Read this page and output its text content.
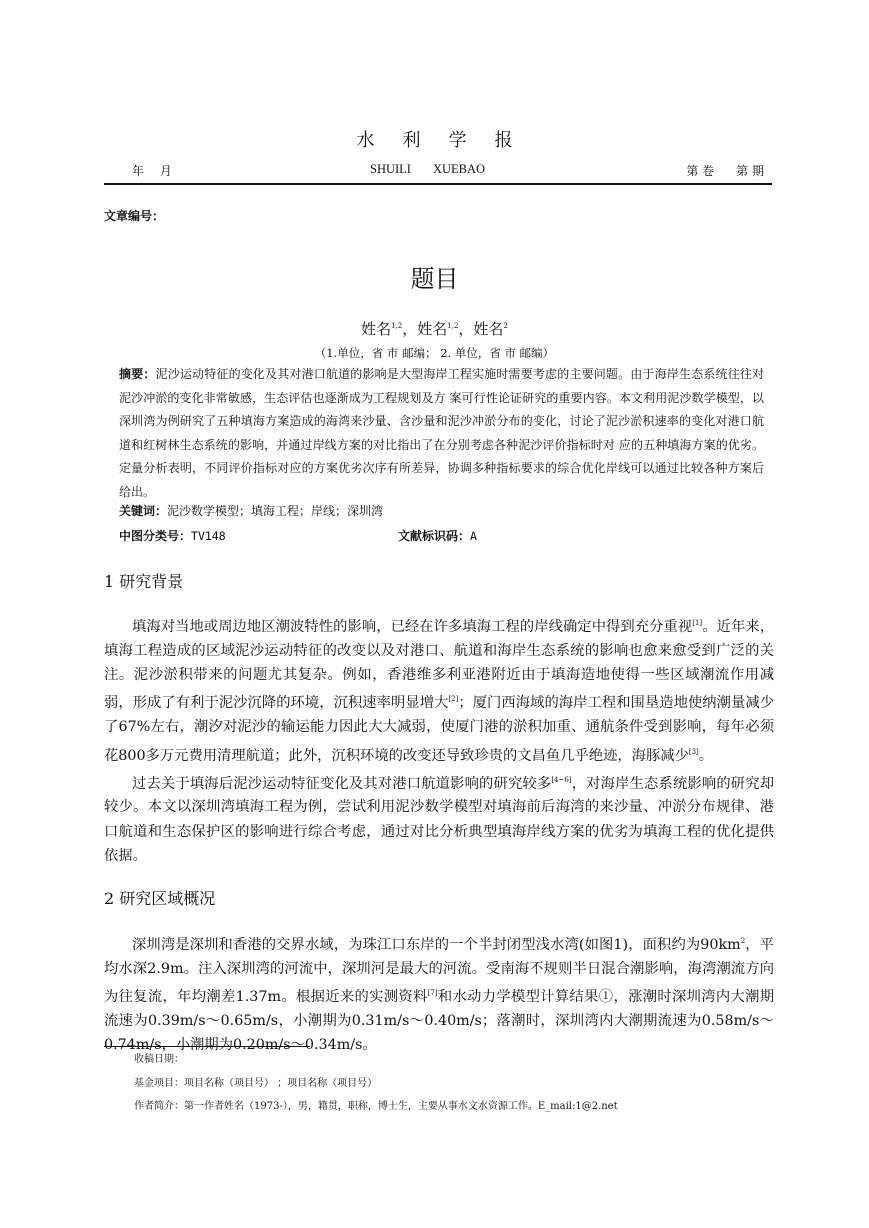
水利学报
年 月	SHUILI XUEBAO	第 卷 第 期
文章编号：
题目
姓名$^{1,2}$，姓名$^{1,2}$，姓名$^2$
（1.单位，省 市 邮编； 2. 单位，省 市 邮编）
摘要：泥沙运动特征的变化及其对港口航道的影响是大型海岸工程实施时需要考虑的主要问题。由于海岸生态系统往往对泥沙冲淤的变化非常敏感，生态评估也逐渐成为工程规划及方 案可行性论证研究的重要内容。本文利用泥沙数学模型，以深圳湾为例研究了五种填海方案造成的海湾来沙量、含沙量和泥沙冲淤分布的变化，讨论了泥沙淤积速率的变化对港口航道和红树林生态系统的影响，并通过岸线方案的对比指出了在分别考虑各种泥沙评价指标时对 应的五种填海方案的优劣。定量分析表明，不同评价指标对应的方案优劣次序有所差异，协调多种指标要求的综合优化岸线可以通过比较各种方案后给出。
关键词：泥沙数学模型；填海工程；岸线；深圳湾
中图分类号：TV148	文献标识码：A
1 研究背景

填海对当地或周边地区潮波特性的影响，已经在许多填海工程的岸线确定中得到充分重视[1]。近年来，填海工程造成的区域泥沙运动特征的改变以及对港口、航道和海岸生态系统的影响也愈来愈受到广泛的关注。泥沙淤积带来的问题尤其复杂。例如，香港维多利亚港附近由于填海造地使得一些区域潮流作用减弱，形成了有利于泥沙沉降的环境，沉积速率明显增大[2]；厦门西海域的海岸工程和围垦造地使纳潮量减少了67%左右，潮汐对泥沙的输运能力因此大大减弱，使厦门港的淤积加重、通航条件受到影响，每年必须花800多万元费用清理航道；此外，沉积环境的改变还导致珍贵的文昌鱼几乎绝迹，海豚减少[3]。

过去关于填海后泥沙运动特征变化及其对港口航道影响的研究较多[4~6]，对海岸生态系统影响的研究却较少。本文以深圳湾填海工程为例，尝试利用泥沙数学模型对填海前后海湾的来沙量、冲淤分布规律、港口航道和生态保护区的影响进行综合考虑，通过对比分析典型填海岸线方案的优劣为填海工程的优化提供依据。

2 研究区域概况

深圳湾是深圳和香港的交界水域，为珠江口东岸的一个半封闭型浅水湾(如图1)，面积约为$90km^2$，平均水深2.9m。注入深圳湾的河流中，深圳河是最大的河流。受南海不规则半日混合潮影响，海湾潮流方向为往复流，年均潮差1.37m。根据近来的实测资料[7]和水动力学模型计算结果①，涨潮时深圳湾内大潮期流速为0.39m/s～0.65m/s，小潮期为0.31m/s～0.40m/s；落潮时，深圳湾内大潮期流速为0.58m/s～0.74m/s，小潮期为0.20m/s～0.34m/s。

收稿日期：
基金项目：项目名称（项目号） ；项目名称（项目号）
作者简介：第一作者姓名（1973-），男，籍贯，职称，博士生，主要从事水文水资源工作。E_mail:1@2.net
